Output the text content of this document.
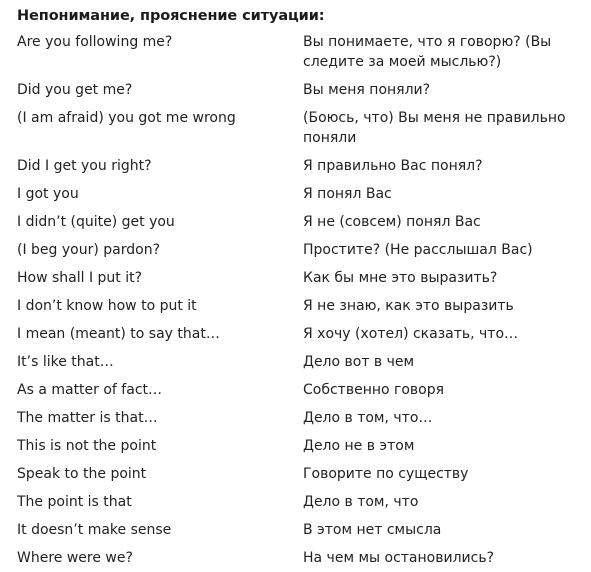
Непонимание, прояснение ситуации:
Are you following me?	Вы понимаете, что я говорю? (Вы следите за моей мыслью?)
Did you get me?	Вы меня поняли?
(I am afraid) you got me wrong	(Боюсь, что) Вы меня не правильно поняли
Did I get you right?	Я правильно Вас понял?
I got you	Я понял Вас
I didn’t (quite) get you	Я не (совсем) понял Вас
(I beg your) pardon?	Простите? (Не расслышал Вас)
How shall I put it?	Как бы мне это выразить?
I don’t know how to put it	Я не знаю, как это выразить
I mean (meant) to say that…	Я хочу (хотел) сказать, что…
It’s like that…	Дело вот в чем
As a matter of fact…	Собственно говоря
The matter is that…	Дело в том, что…
This is not the point	Дело не в этом
Speak to the point	Говорите по существу
The point is that	Дело в том, что
It doesn’t make sense	В этом нет смысла
Where were we?	На чем мы остановились?
